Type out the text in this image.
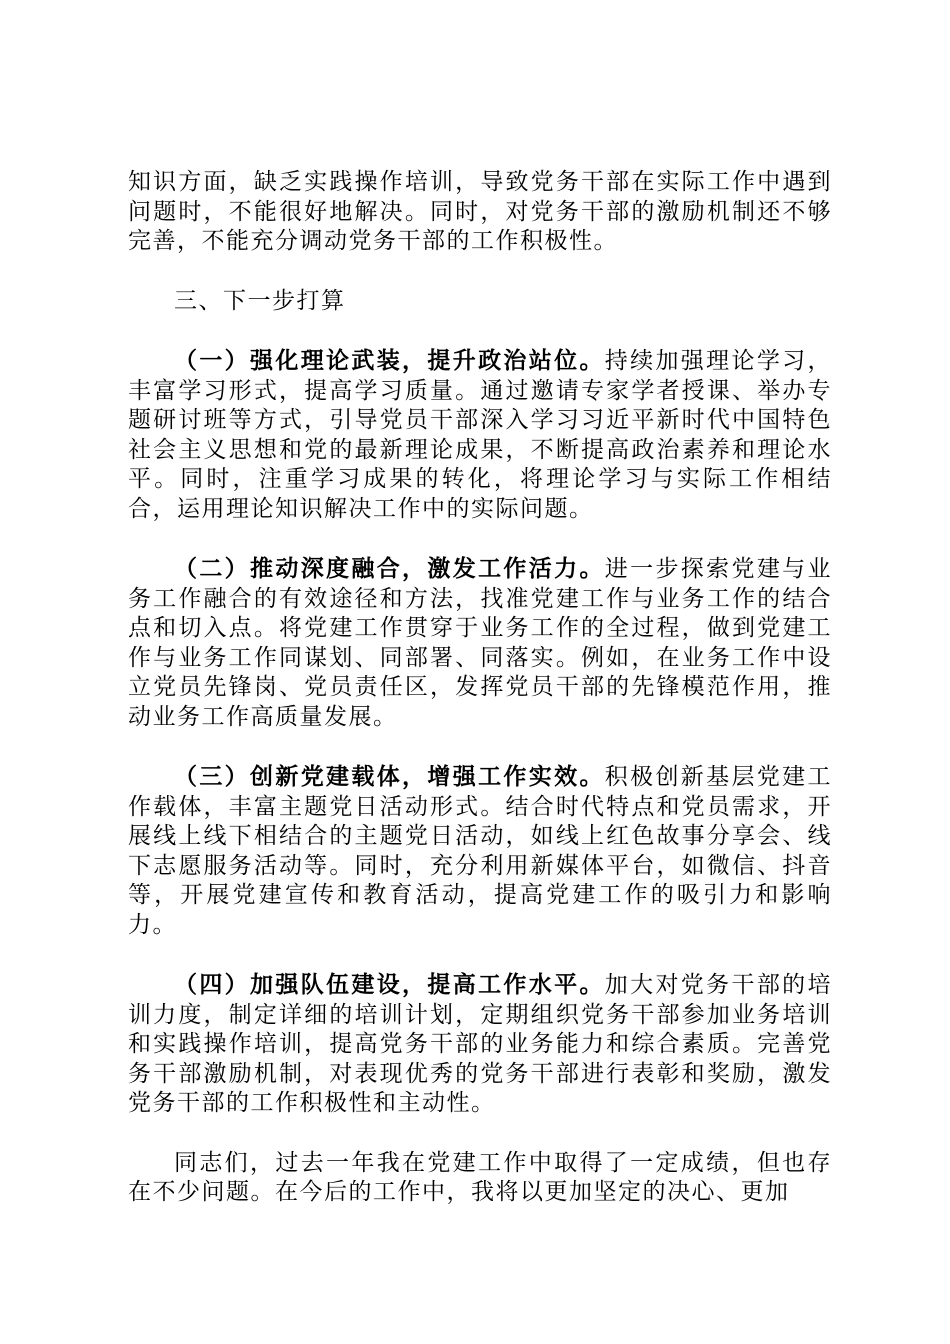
知识方面，缺乏实践操作培训，导致党务干部在实际工作中遇到问题时，不能很好地解决。同时，对党务干部的激励机制还不够完善，不能充分调动党务干部的工作积极性。

三、下一步打算

（一）强化理论武装，提升政治站位。持续加强理论学习，丰富学习形式，提高学习质量。通过邀请专家学者授课、举办专题研讨班等方式，引导党员干部深入学习习近平新时代中国特色社会主义思想和党的最新理论成果，不断提高政治素养和理论水平。同时，注重学习成果的转化，将理论学习与实际工作相结合，运用理论知识解决工作中的实际问题。

（二）推动深度融合，激发工作活力。进一步探索党建与业务工作融合的有效途径和方法，找准党建工作与业务工作的结合点和切入点。将党建工作贯穿于业务工作的全过程，做到党建工作与业务工作同谋划、同部署、同落实。例如，在业务工作中设立党员先锋岗、党员责任区，发挥党员干部的先锋模范作用，推动业务工作高质量发展。

（三）创新党建载体，增强工作实效。积极创新基层党建工作载体，丰富主题党日活动形式。结合时代特点和党员需求，开展线上线下相结合的主题党日活动，如线上红色故事分享会、线下志愿服务活动等。同时，充分利用新媒体平台，如微信、抖音等，开展党建宣传和教育活动，提高党建工作的吸引力和影响力。

（四）加强队伍建设，提高工作水平。加大对党务干部的培训力度，制定详细的培训计划，定期组织党务干部参加业务培训和实践操作培训，提高党务干部的业务能力和综合素质。完善党务干部激励机制，对表现优秀的党务干部进行表彰和奖励，激发党务干部的工作积极性和主动性。

同志们，过去一年我在党建工作中取得了一定成绩，但也存在不少问题。在今后的工作中，我将以更加坚定的决心、更加
